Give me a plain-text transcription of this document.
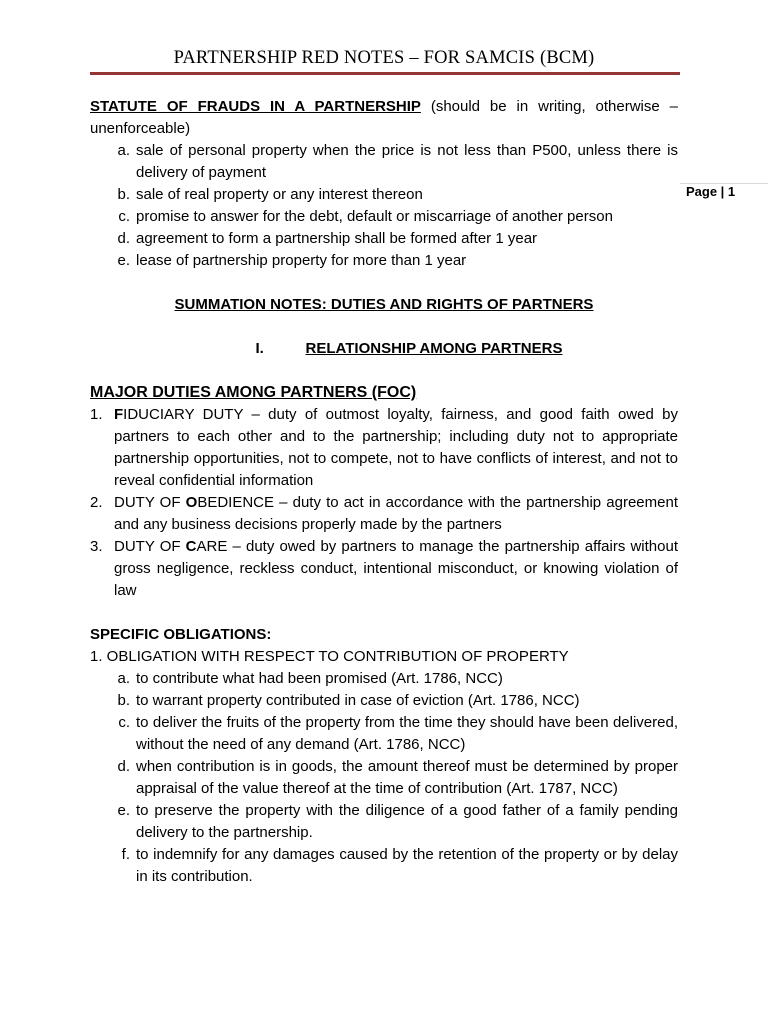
PARTNERSHIP RED NOTES – FOR SAMCIS (BCM)
Page | 1
STATUTE OF FRAUDS IN A PARTNERSHIP (should be in writing, otherwise – unenforceable)
a. sale of personal property when the price is not less than P500, unless there is delivery of payment
b. sale of real property or any interest thereon
c. promise to answer for the debt, default or miscarriage of another person
d. agreement to form a partnership shall be formed after 1 year
e. lease of partnership property for more than 1 year
SUMMATION NOTES: DUTIES AND RIGHTS OF PARTNERS
I.	RELATIONSHIP AMONG PARTNERS
MAJOR DUTIES AMONG PARTNERS (FOC)
1. FIDUCIARY DUTY – duty of outmost loyalty, fairness, and good faith owed by partners to each other and to the partnership; including duty not to appropriate partnership opportunities, not to compete, not to have conflicts of interest, and not to reveal confidential information
2. DUTY OF OBEDIENCE – duty to act in accordance with the partnership agreement and any business decisions properly made by the partners
3. DUTY OF CARE – duty owed by partners to manage the partnership affairs without gross negligence, reckless conduct, intentional misconduct, or knowing violation of law
SPECIFIC OBLIGATIONS:
1. OBLIGATION WITH RESPECT TO CONTRIBUTION OF PROPERTY
a. to contribute what had been promised (Art. 1786, NCC)
b. to warrant property contributed in case of eviction (Art. 1786, NCC)
c. to deliver the fruits of the property from the time they should have been delivered, without the need of any demand (Art. 1786, NCC)
d. when contribution is in goods, the amount thereof must be determined by proper appraisal of the value thereof at the time of contribution (Art. 1787, NCC)
e. to preserve the property with the diligence of a good father of a family pending delivery to the partnership.
f. to indemnify for any damages caused by the retention of the property or by delay in its contribution.
